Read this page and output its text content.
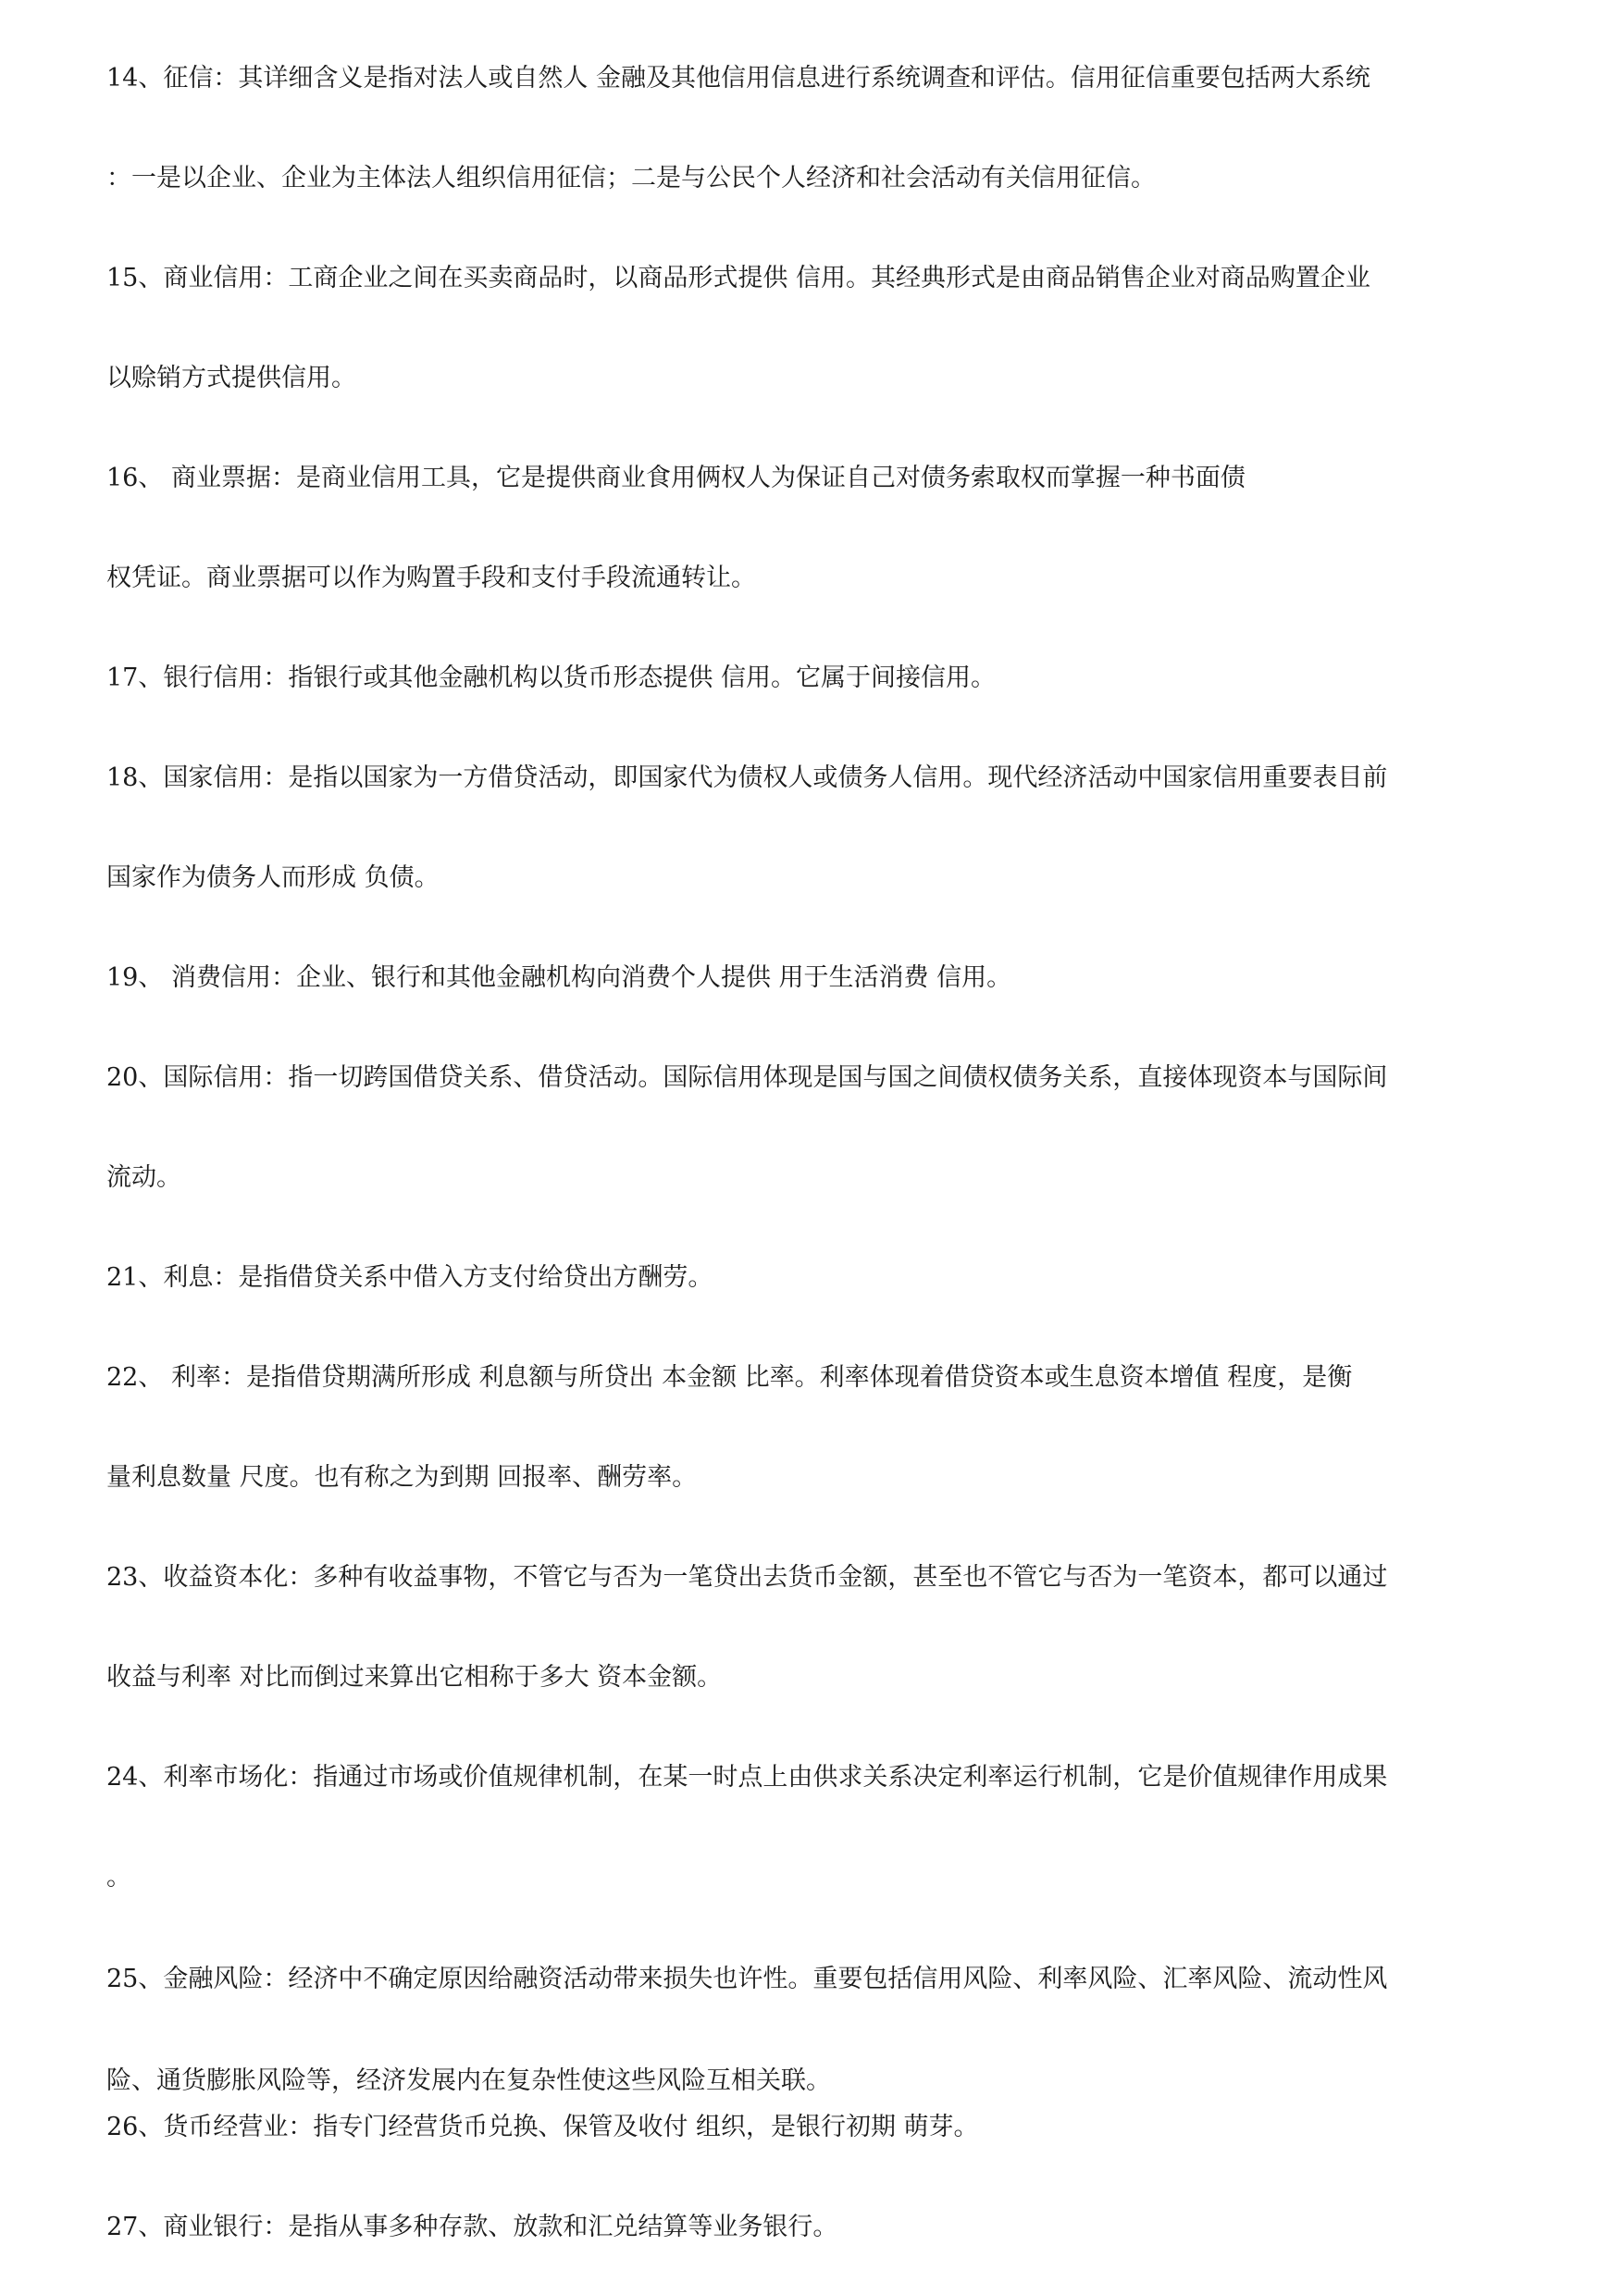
14、征信：其详细含义是指对法人或自然人 金融及其他信用信息进行系统调查和评估。信用征信重要包括两大系统
：一是以企业、企业为主体法人组织信用征信；二是与公民个人经济和社会活动有关信用征信。
15、商业信用：工商企业之间在买卖商品时，以商品形式提供 信用。其经典形式是由商品销售企业对商品购置企业
以赊销方式提供信用。
16、 商业票据：是商业信用工具，它是提供商业食用俩权人为保证自己对债务索取权而掌握一种书面债
权凭证。商业票据可以作为购置手段和支付手段流通转让。
17、银行信用：指银行或其他金融机构以货币形态提供 信用。它属于间接信用。
18、国家信用：是指以国家为一方借贷活动，即国家代为债权人或债务人信用。现代经济活动中国家信用重要表目前
国家作为债务人而形成 负债。
19、 消费信用：企业、银行和其他金融机构向消费个人提供 用于生活消费 信用。
20、国际信用：指一切跨国借贷关系、借贷活动。国际信用体现是国与国之间债权债务关系，直接体现资本与国际间
流动。
21、利息：是指借贷关系中借入方支付给贷出方酬劳。
22、 利率：是指借贷期满所形成 利息额与所贷出 本金额 比率。利率体现着借贷资本或生息资本增值 程度，是衡
量利息数量 尺度。也有称之为到期 回报率、酬劳率。
23、收益资本化：多种有收益事物，不管它与否为一笔贷出去货币金额，甚至也不管它与否为一笔资本，都可以通过
收益与利率 对比而倒过来算出它相称于多大 资本金额。
24、利率市场化：指通过市场或价值规律机制，在某一时点上由供求关系决定利率运行机制，它是价值规律作用成果
。
25、金融风险：经济中不确定原因给融资活动带来损失也许性。重要包括信用风险、利率风险、汇率风险、流动性风
险、通货膨胀风险等，经济发展内在复杂性使这些风险互相关联。
26、货币经营业：指专门经营货币兑换、保管及收付 组织，是银行初期 萌芽。
27、商业银行：是指从事多种存款、放款和汇兑结算等业务银行。
